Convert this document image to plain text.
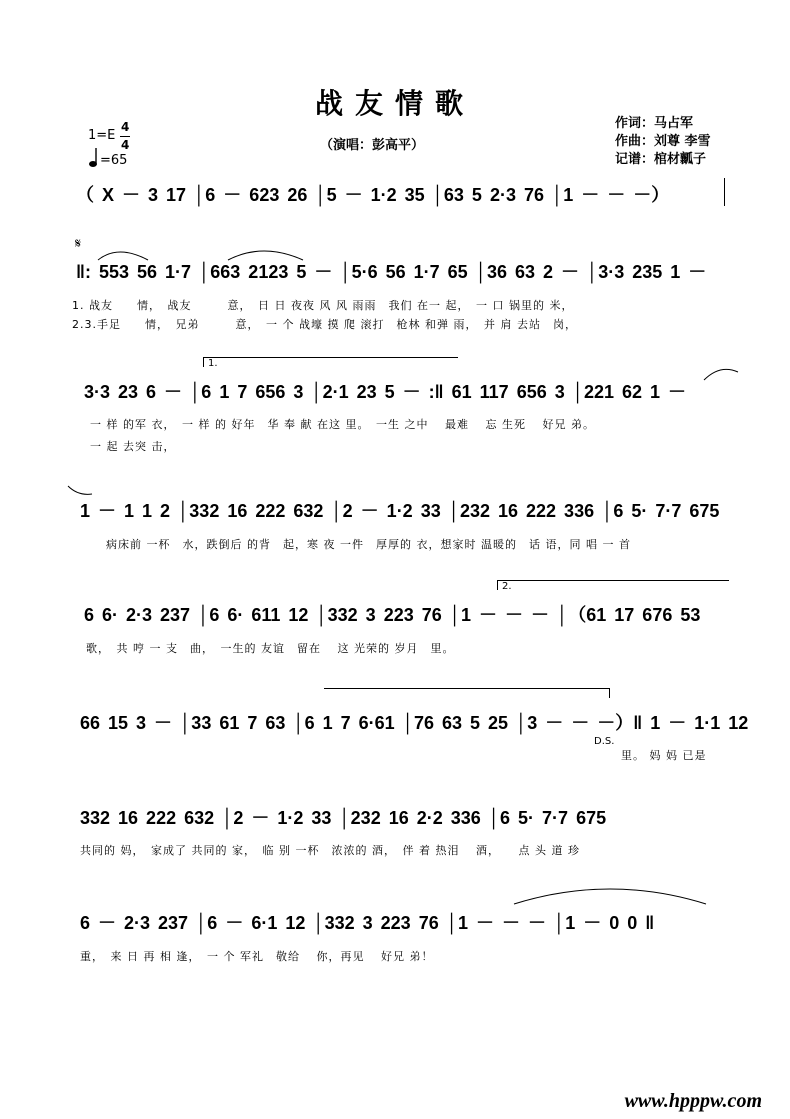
战友情歌
（演唱：彭高平）
作词：马占军
作曲：刘尊 李雪
记谱：棺材瓤子
1=E
4
4
=65
（ X － 3 17 │6 － 623 26 │5 － 1·2 35 │63 5 2·3 76 │1 － － －）
𝄋
‖: 553 56 1·7 │663 2123 5 － │5·6 56 1·7 65 │36 63 2 － │3·3 235 1 －
1. 战友　　情，　战友　　　意，　日 日 夜夜 风 风 雨雨　我们 在一 起，　一 口 锅里的 米，
2.3.手足　　情，　兄弟　　　意，　一 个 战壕 摸 爬 滚打　枪林 和弹 雨，　并 肩 去站　岗，
1.
3·3 23 6 － │6 1 7 656 3 │2·1 23 5 － :‖ 61 117 656 3 │221 62 1 －
一 样 的军 衣，　一 样 的 好年　华 奉 献 在这 里。　一生 之中　 最难　 忘 生死　 好兄 弟。
一 起 去突 击，
1 － 1 1 2 │332 16 222 632 │2 － 1·2 33 │232 16 222 336 │6 5· 7·7 675
病床前 一杯　水，跌倒后 的背　起，寒 夜 一件　厚厚的 衣，想家时 温暖的　话 语，同 唱 一 首
2.
6 6· 2·3 237 │6 6· 611 12 │332 3 223 76 │1 － － － │（61 17 676 53
歌，　共 哼 一 支　曲，　一生的 友谊　留在　 这 光荣的 岁月　里。
66 15 3 － │33 61 7 63 │6 1 7 6·61 │76 63 5 25 │3 － － －）‖ 1 － 1·1 12
D.S.
里。 妈 妈 已是
332 16 222 632 │2 － 1·2 33 │232 16 2·2 336 │6 5· 7·7 675
共同的 妈，　家成了 共同的 家，　临 别 一杯　浓浓的 酒，　伴 着 热泪　 酒，　　点 头 道 珍
6 － 2·3 237 │6 － 6·1 12 │332 3 223 76 │1 － － － │1 － 0 0 ‖
重，　来 日 再 相 逢，　一 个 军礼　敬给　 你，再见　 好兄 弟！
www.hpppw.com
